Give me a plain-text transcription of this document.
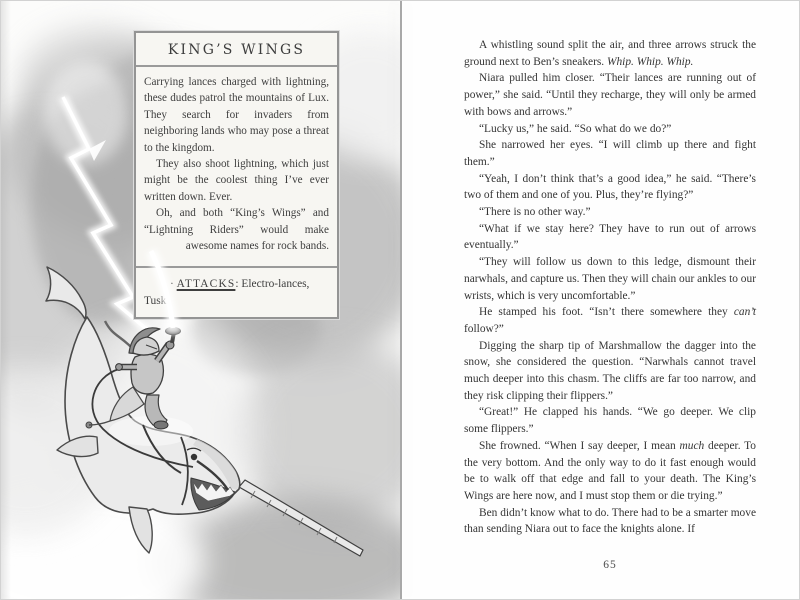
KING’S WINGS

Carrying lances charged with lightning, these dudes patrol the mountains of Lux. They search for invaders from neighboring lands who may pose a threat to the kingdom.

They also shoot lightning, which just might be the coolest thing I’ve ever written down. Ever.

Oh, and both “King’s Wings” and “Lightning Riders” would make awesome names for rock bands.

· ATTACKS: Electro-lances, Tusks

A whistling sound split the air, and three arrows struck the ground next to Ben’s sneakers. Whip. Whip. Whip.

Niara pulled him closer. “Their lances are running out of power,” she said. “Until they recharge, they will only be armed with bows and arrows.”

“Lucky us,” he said. “So what do we do?”

She narrowed her eyes. “I will climb up there and fight them.”

“Yeah, I don’t think that’s a good idea,” he said. “There’s two of them and one of you. Plus, they’re flying?”

“There is no other way.”

“What if we stay here? They have to run out of arrows eventually.”

“They will follow us down to this ledge, dismount their narwhals, and capture us. Then they will chain our ankles to our wrists, which is very uncomfortable.”

He stamped his foot. “Isn’t there somewhere they can’t follow?”

Digging the sharp tip of Marshmallow the dagger into the snow, she considered the question. “Narwhals cannot travel much deeper into this chasm. The cliffs are far too narrow, and they risk clipping their flippers.”

“Great!” He clapped his hands. “We go deeper. We clip some flippers.”

She frowned. “When I say deeper, I mean much deeper. To the very bottom. And the only way to do it fast enough would be to walk off that edge and fall to your death. The King’s Wings are here now, and I must stop them or die trying.”

Ben didn’t know what to do. There had to be a smarter move than sending Niara out to face the knights alone. If

65
